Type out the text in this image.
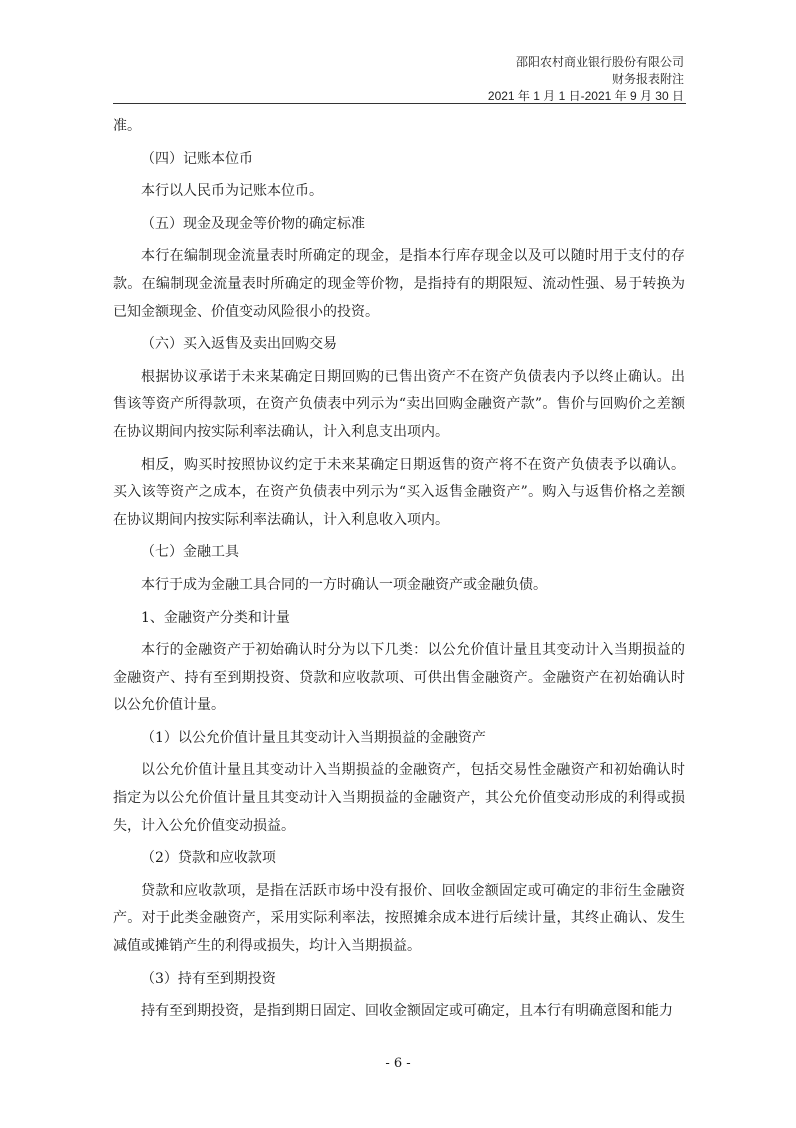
邵阳农村商业银行股份有限公司
财务报表附注
2021 年 1 月 1 日-2021 年 9 月 30 日

准。

（四）记账本位币

本行以人民币为记账本位币。

（五）现金及现金等价物的确定标准

本行在编制现金流量表时所确定的现金，是指本行库存现金以及可以随时用于支付的存款。在编制现金流量表时所确定的现金等价物，是指持有的期限短、流动性强、易于转换为已知金额现金、价值变动风险很小的投资。

（六）买入返售及卖出回购交易

根据协议承诺于未来某确定日期回购的已售出资产不在资产负债表内予以终止确认。出售该等资产所得款项，在资产负债表中列示为“卖出回购金融资产款”。售价与回购价之差额在协议期间内按实际利率法确认，计入利息支出项内。

相反，购买时按照协议约定于未来某确定日期返售的资产将不在资产负债表予以确认。买入该等资产之成本，在资产负债表中列示为“买入返售金融资产”。购入与返售价格之差额在协议期间内按实际利率法确认，计入利息收入项内。

（七）金融工具

本行于成为金融工具合同的一方时确认一项金融资产或金融负债。

1、金融资产分类和计量

本行的金融资产于初始确认时分为以下几类：以公允价值计量且其变动计入当期损益的金融资产、持有至到期投资、贷款和应收款项、可供出售金融资产。金融资产在初始确认时以公允价值计量。

（1）以公允价值计量且其变动计入当期损益的金融资产

以公允价值计量且其变动计入当期损益的金融资产，包括交易性金融资产和初始确认时指定为以公允价值计量且其变动计入当期损益的金融资产，其公允价值变动形成的利得或损失，计入公允价值变动损益。

（2）贷款和应收款项

贷款和应收款项，是指在活跃市场中没有报价、回收金额固定或可确定的非衍生金融资产。对于此类金融资产，采用实际利率法，按照摊余成本进行后续计量，其终止确认、发生减值或摊销产生的利得或损失，均计入当期损益。

（3）持有至到期投资

持有至到期投资，是指到期日固定、回收金额固定或可确定，且本行有明确意图和能力

- 6 -
